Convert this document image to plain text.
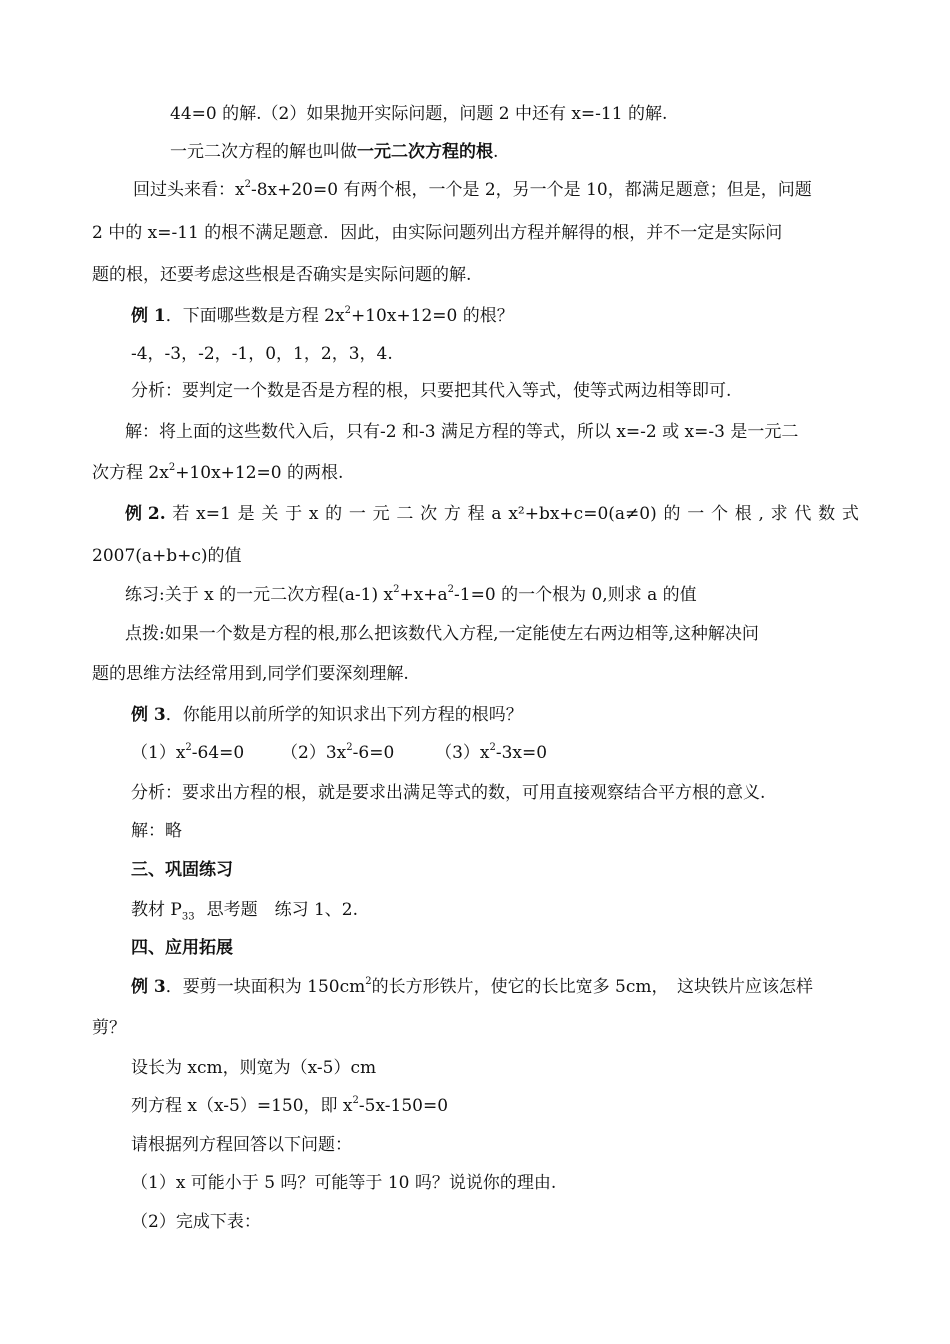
44=0 的解.（2）如果抛开实际问题，问题 2 中还有 x=-11 的解.
一元二次方程的解也叫做一元二次方程的根.
回过头来看：$x^2-8x+20=0$ 有两个根，一个是 2，另一个是 10，都满足题意；但是，问题
2 中的 x=-11 的根不满足题意．因此，由实际问题列出方程并解得的根，并不一定是实际问
题的根，还要考虑这些根是否确实是实际问题的解.
例 1．下面哪些数是方程 $2x^2+10x+12=0$ 的根？
-4，-3，-2，-1，0，1，2，3，4.
分析：要判定一个数是否是方程的根，只要把其代入等式，使等式两边相等即可.
解：将上面的这些数代入后，只有-2 和-3 满足方程的等式，所以 x=-2 或 x=-3 是一元二
次方程 $2x^2+10x+12=0$ 的两根.
例 2. 若 x=1 是 关 于 x 的 一 元 二 次 方 程 a x²+bx+c=0(a≠0) 的 一 个 根 , 求 代 数 式
2007(a+b+c)的值
练习:关于 x 的一元二次方程(a-1) $x^2+x+a^2-1=0$ 的一个根为 0,则求 a 的值
点拨:如果一个数是方程的根,那么把该数代入方程,一定能使左右两边相等,这种解决问
题的思维方法经常用到,同学们要深刻理解.
例 3．你能用以前所学的知识求出下列方程的根吗？
$(1)x^2-64=0$ $(2)3x^2-6=0$ $(3)x^2-3x=0$
分析：要求出方程的根，就是要求出满足等式的数，可用直接观察结合平方根的意义.
解：略
三、巩固练习
教材 $P_{33}$ 思考题　练习 1、2.
四、应用拓展
例 3．要剪一块面积为 $150cm^2$的长方形铁片，使它的长比宽多 5cm，　这块铁片应该怎样
剪？
设长为 xcm，则宽为（x-5）cm
列方程 x（x-5）=150，即 $x^2-5x-150=0$
请根据列方程回答以下问题：
（1）x 可能小于 5 吗？可能等于 10 吗？说说你的理由.
（2）完成下表：
